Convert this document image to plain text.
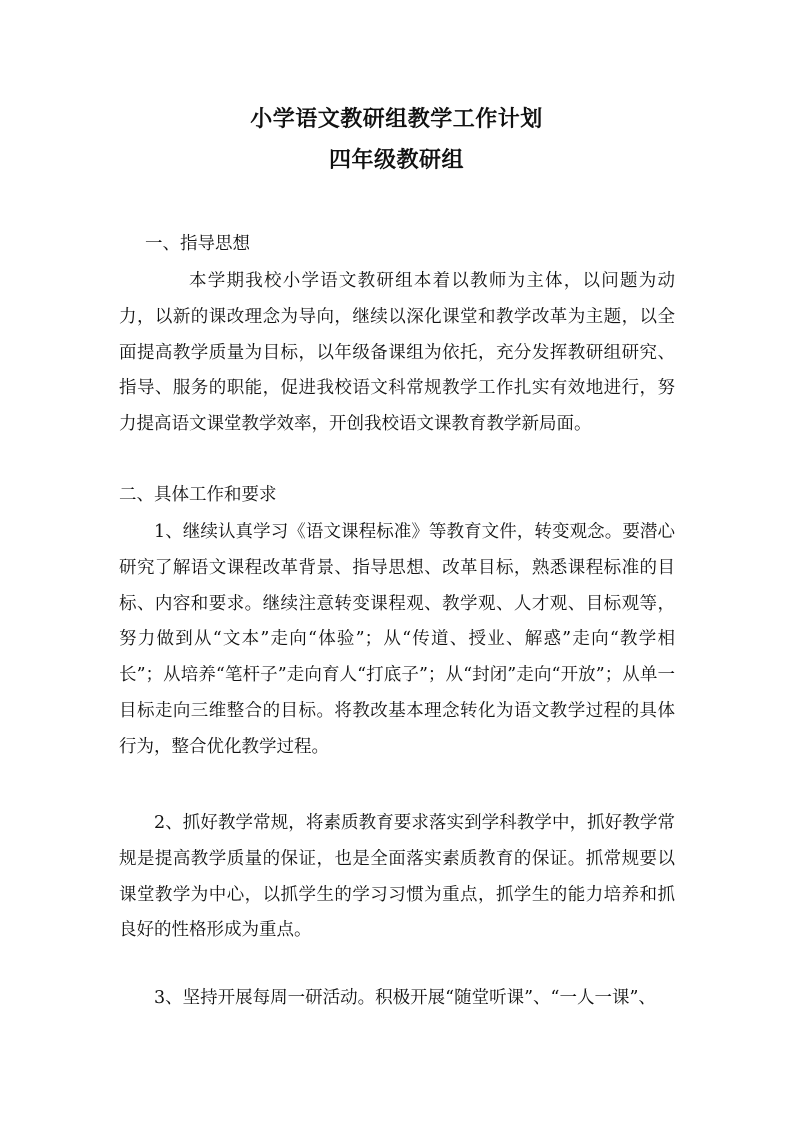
小学语文教研组教学工作计划
四年级教研组
一、指导思想
本学期我校小学语文教研组本着以教师为主体，以问题为动力，以新的课改理念为导向，继续以深化课堂和教学改革为主题，以全面提高教学质量为目标，以年级备课组为依托，充分发挥教研组研究、指导、服务的职能，促进我校语文科常规教学工作扎实有效地进行，努力提高语文课堂教学效率，开创我校语文课教育教学新局面。
二、具体工作和要求
1、继续认真学习《语文课程标准》等教育文件，转变观念。要潜心研究了解语文课程改革背景、指导思想、改革目标，熟悉课程标准的目标、内容和要求。继续注意转变课程观、教学观、人才观、目标观等，努力做到从“文本”走向“体验”；从“传道、授业、解惑”走向“教学相长”；从培养“笔杆子”走向育人“打底子”；从“封闭”走向“开放”；从单一目标走向三维整合的目标。将教改基本理念转化为语文教学过程的具体行为，整合优化教学过程。
2、抓好教学常规，将素质教育要求落实到学科教学中，抓好教学常规是提高教学质量的保证，也是全面落实素质教育的保证。抓常规要以课堂教学为中心，以抓学生的学习习惯为重点，抓学生的能力培养和抓良好的性格形成为重点。
3、坚持开展每周一研活动。积极开展“随堂听课”、“一人一课”、
